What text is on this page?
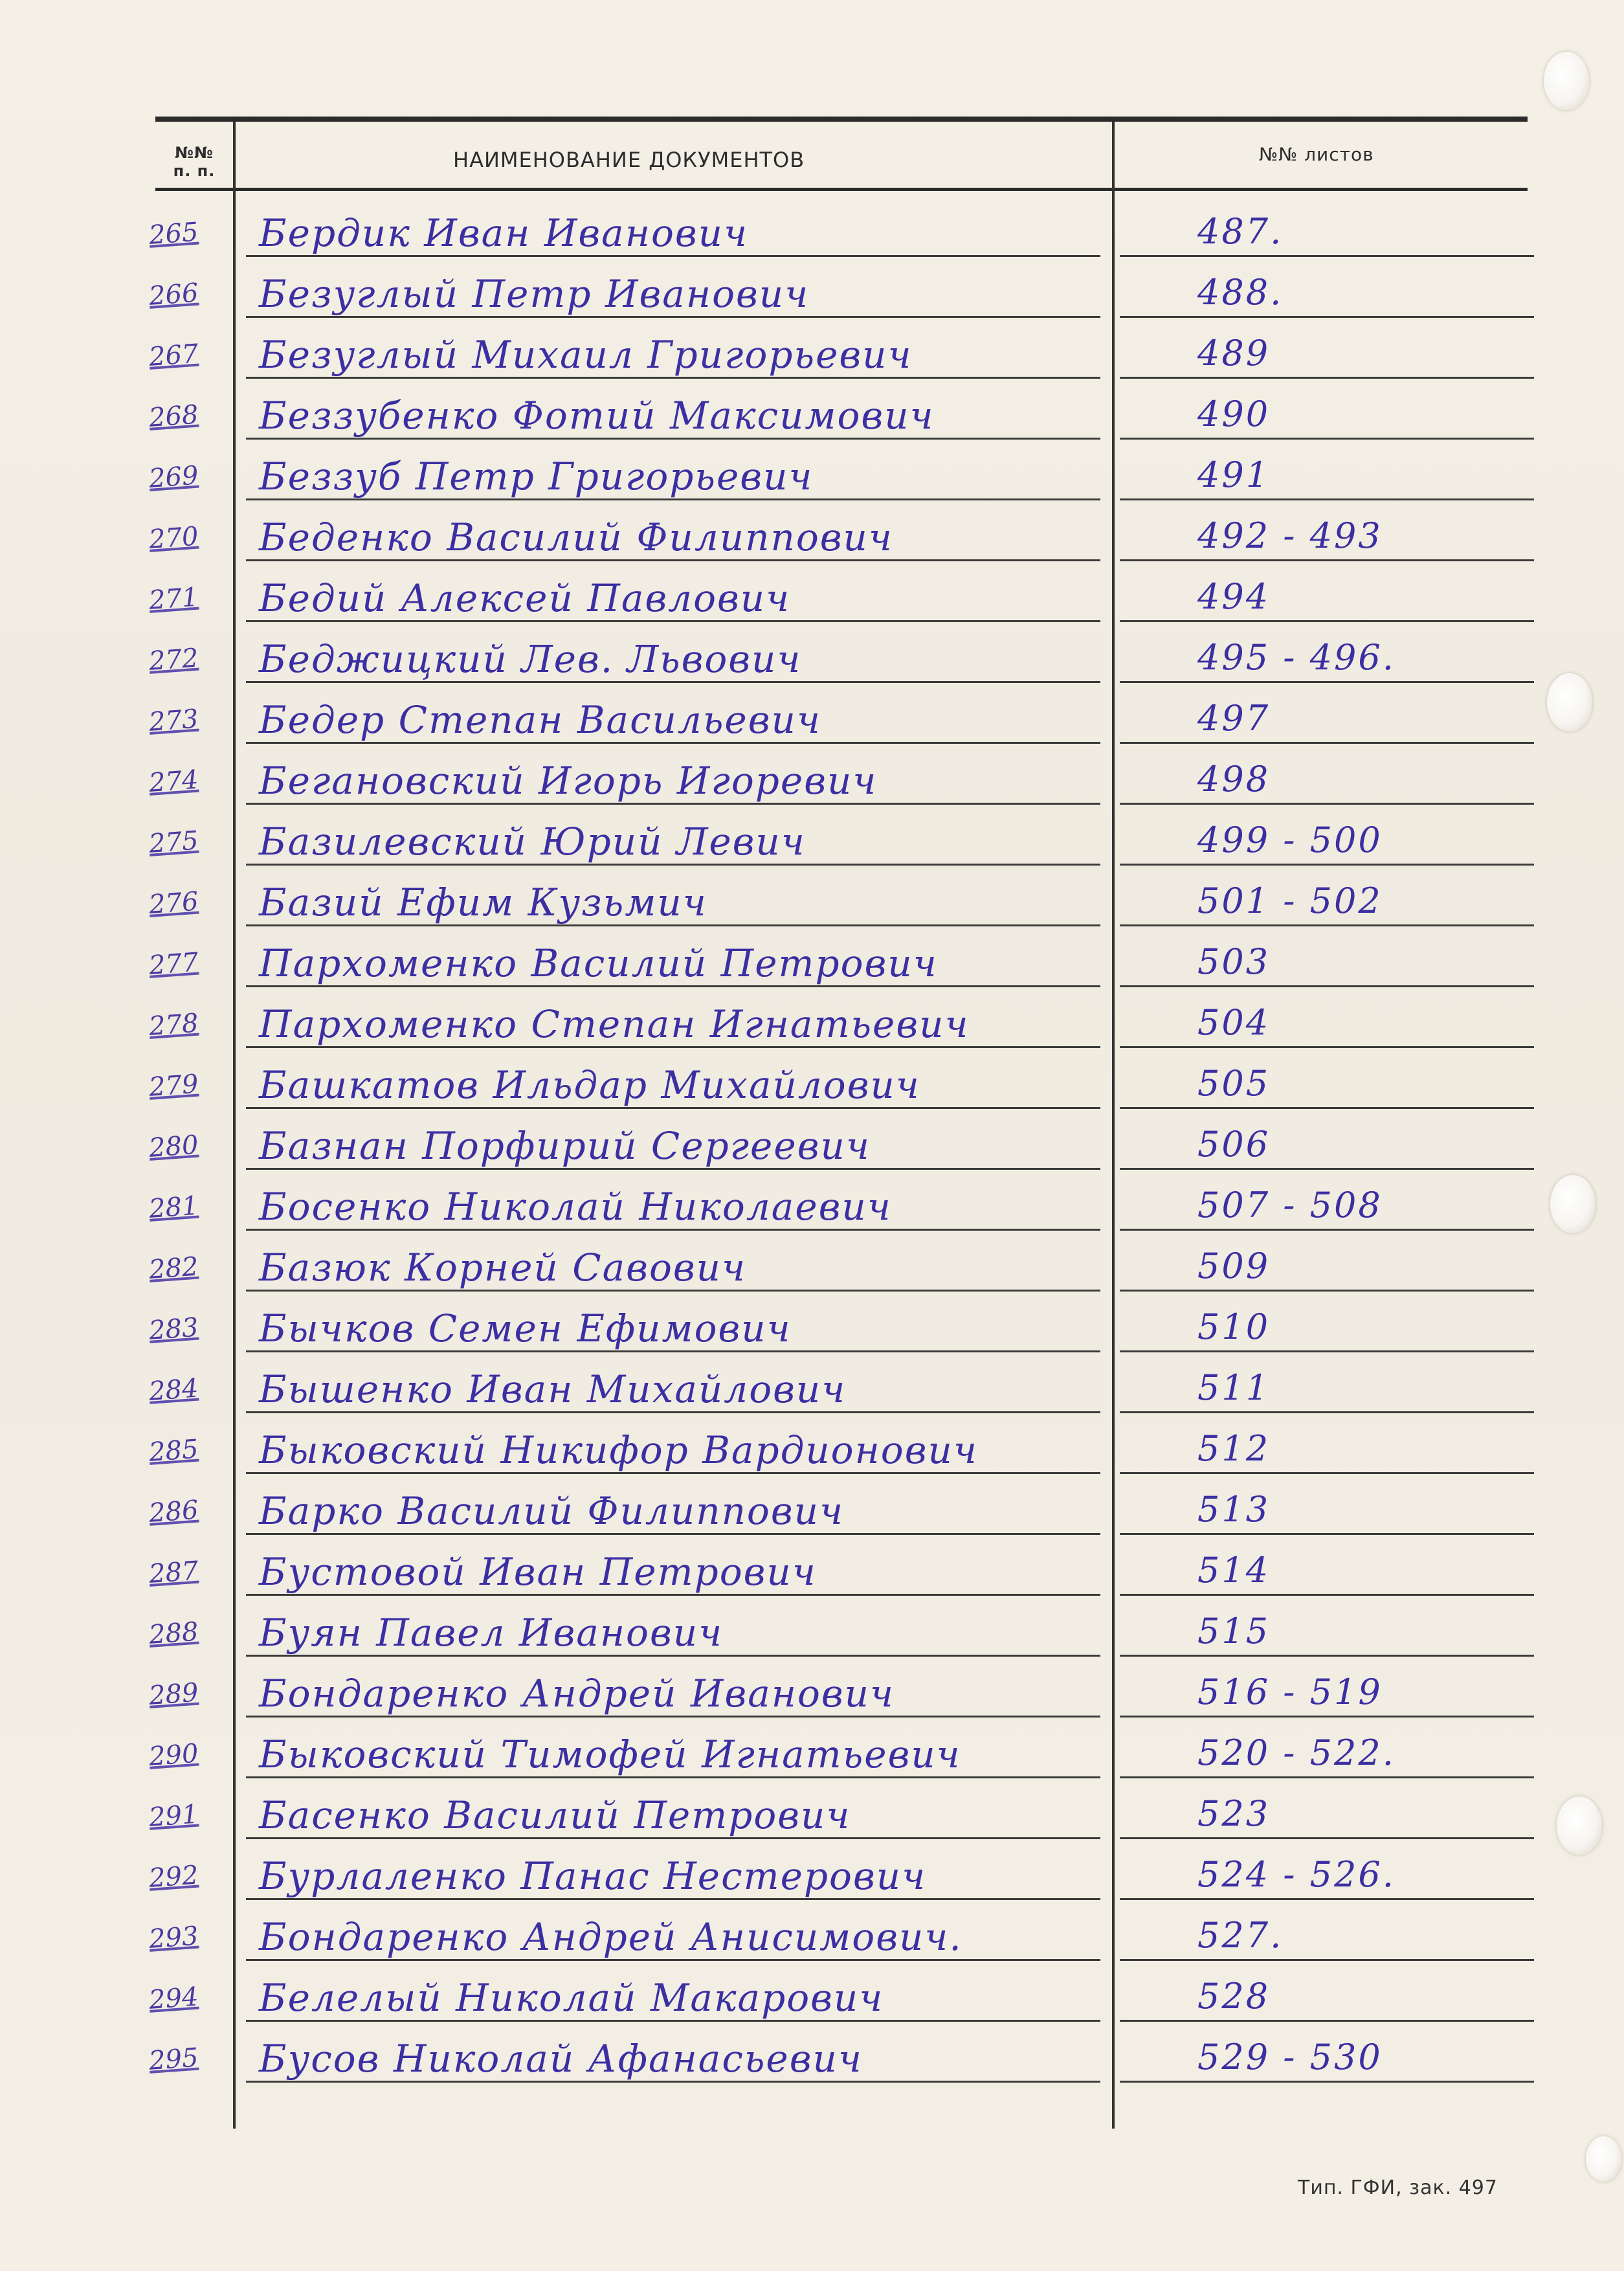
№№
п. п.	НАИМЕНОВАНИЕ ДОКУМЕНТОВ	№№ листов
265	Бердик Иван Иванович	487.
266	Безуглый Петр Иванович	488.
267	Безуглый Михаил Григорьевич	489
268	Беззубенко Фотий Максимович	490
269	Беззуб Петр Григорьевич	491
270	Беденко Василий Филиппович	492 - 493
271	Бедий Алексей Павлович	494
272	Беджицкий Лев. Львович	495 - 496.
273	Бедер Степан Васильевич	497
274	Бегановский Игорь Игоревич	498
275	Базилевский Юрий Левич	499 - 500
276	Базий Ефим Кузьмич	501 - 502
277	Пархоменко Василий Петрович	503
278	Пархоменко Степан Игнатьевич	504
279	Башкатов Ильдар Михайлович	505
280	Базнан Порфирий Сергеевич	506
281	Босенко Николай Николаевич	507 - 508
282	Базюк Корней Савович	509
283	Бычков Семен Ефимович	510
284	Бышенко Иван Михайлович	511
285	Быковский Никифор Вардионович	512
286	Барко Василий Филиппович	513
287	Бустовой Иван Петрович	514
288	Буян Павел Иванович	515
289	Бондаренко Андрей Иванович	516 - 519
290	Быковский Тимофей Игнатьевич	520 - 522.
291	Басенко Василий Петрович	523
292	Бурлаленко Панас Нестерович	524 - 526.
293	Бондаренко Андрей Анисимович.	527.
294	Белелый Николай Макарович	528
295	Бусов Николай Афанасьевич	529 - 530
Тип. ГФИ, зак. 497
